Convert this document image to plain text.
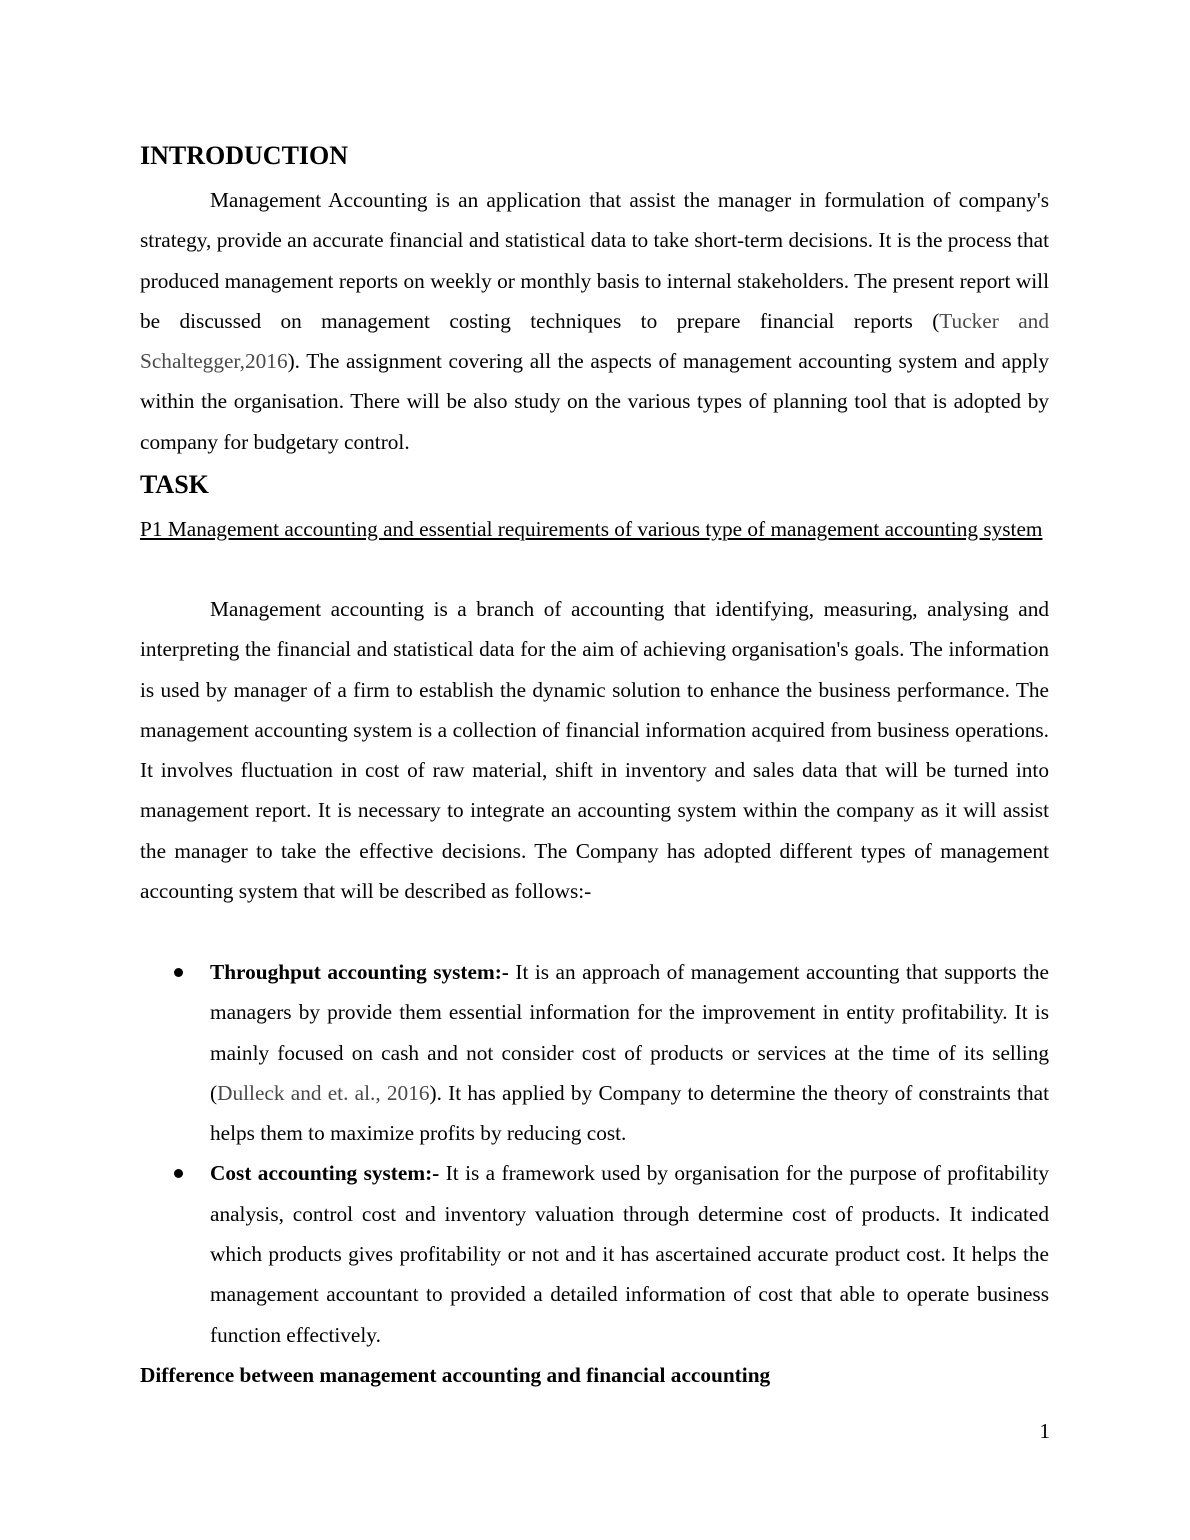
INTRODUCTION

Management Accounting is an application that assist the manager in formulation of company's strategy, provide an accurate financial and statistical data to take short-term decisions. It is the process that produced management reports on weekly or monthly basis to internal stakeholders. The present report will be discussed on management costing techniques to prepare financial reports (Tucker and Schaltegger,2016). The assignment covering all the aspects of management accounting system and apply within the organisation. There will be also study on the various types of planning tool that is adopted by company for budgetary control.

TASK

P1 Management accounting and essential requirements of various type of management accounting system

Management accounting is a branch of accounting that identifying, measuring, analysing and interpreting the financial and statistical data for the aim of achieving organisation's goals. The information is used by manager of a firm to establish the dynamic solution to enhance the business performance. The management accounting system is a collection of financial information acquired from business operations. It involves fluctuation in cost of raw material, shift in inventory and sales data that will be turned into management report. It is necessary to integrate an accounting system within the company as it will assist the manager to take the effective decisions. The Company has adopted different types of management accounting system that will be described as follows:-

Throughput accounting system:- It is an approach of management accounting that supports the managers by provide them essential information for the improvement in entity profitability. It is mainly focused on cash and not consider cost of products or services at the time of its selling (Dulleck and et. al., 2016). It has applied by Company to determine the theory of constraints that helps them to maximize profits by reducing cost.
Cost accounting system:- It is a framework used by organisation for the purpose of profitability analysis, control cost and inventory valuation through determine cost of products. It indicated which products gives profitability or not and it has ascertained accurate product cost. It helps the management accountant to provided a detailed information of cost that able to operate business function effectively.

Difference between management accounting and financial accounting

1
